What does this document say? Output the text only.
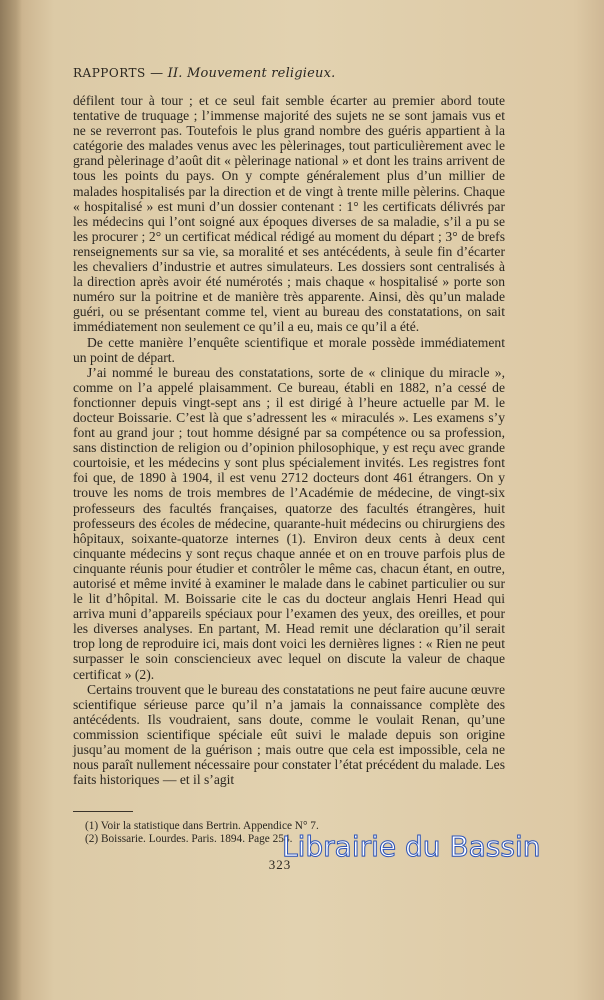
RAPPORTS — II. Mouvement religieux.

défilent tour à tour ; et ce seul fait semble écarter au premier abord toute tentative de truquage ; l’immense majorité des sujets ne se sont jamais vus et ne se reverront pas. Toutefois le plus grand nombre des guéris appartient à la catégorie des malades venus avec les pèlerinages, tout particulièrement avec le grand pèlerinage d’août dit « pèlerinage national » et dont les trains arrivent de tous les points du pays. On y compte généralement plus d’un millier de malades hospitalisés par la direction et de vingt à trente mille pèlerins. Chaque « hospitalisé » est muni d’un dossier contenant : 1° les certificats délivrés par les médecins qui l’ont soigné aux époques diverses de sa maladie, s’il a pu se les procurer ; 2° un certificat médical rédigé au moment du départ ; 3° de brefs renseignements sur sa vie, sa moralité et ses antécédents, à seule fin d’écarter les chevaliers d’industrie et autres simulateurs. Les dossiers sont centralisés à la direction après avoir été numérotés ; mais chaque « hospitalisé » porte son numéro sur la poitrine et de manière très apparente. Ainsi, dès qu’un malade guéri, ou se présentant comme tel, vient au bureau des constatations, on sait immédiatement non seulement ce qu’il a eu, mais ce qu’il a été.

De cette manière l’enquête scientifique et morale possède immédiatement un point de départ.

J’ai nommé le bureau des constatations, sorte de « clinique du miracle », comme on l’a appelé plaisamment. Ce bureau, établi en 1882, n’a cessé de fonctionner depuis vingt-sept ans ; il est dirigé à l’heure actuelle par M. le docteur Boissarie. C’est là que s’adressent les « miraculés ». Les examens s’y font au grand jour ; tout homme désigné par sa compétence ou sa profession, sans distinction de religion ou d’opinion philosophique, y est reçu avec grande courtoisie, et les médecins y sont plus spécialement invités. Les registres font foi que, de 1890 à 1904, il est venu 2712 docteurs dont 461 étrangers. On y trouve les noms de trois membres de l’Académie de médecine, de vingt-six professeurs des facultés françaises, quatorze des facultés étrangères, huit professeurs des écoles de médecine, quarante-huit médecins ou chirurgiens des hôpitaux, soixante-quatorze internes (1). Environ deux cents à deux cent cinquante médecins y sont reçus chaque année et on en trouve parfois plus de cinquante réunis pour étudier et contrôler le même cas, chacun étant, en outre, autorisé et même invité à examiner le malade dans le cabinet particulier ou sur le lit d’hôpital. M. Boissarie cite le cas du docteur anglais Henri Head qui arriva muni d’appareils spéciaux pour l’examen des yeux, des oreilles, et pour les diverses analyses. En partant, M. Head remit une déclaration qu’il serait trop long de reproduire ici, mais dont voici les dernières lignes : « Rien ne peut surpasser le soin consciencieux avec lequel on discute la valeur de chaque certificat » (2).

Certains trouvent que le bureau des constatations ne peut faire aucune œuvre scientifique sérieuse parce qu’il n’a jamais la connaissance complète des antécédents. Ils voudraient, sans doute, comme le voulait Renan, qu’une commission scientifique spéciale eût suivi le malade depuis son origine jusqu’au moment de la guérison ; mais outre que cela est impossible, cela ne nous paraît nullement nécessaire pour constater l’état précédent du malade. Les faits historiques — et il s’agit

(1) Voir la statistique dans Bertrin. Appendice N° 7.
(2) Boissarie. Lourdes. Paris. 1894. Page 254.
323
Librairie du Bassin
